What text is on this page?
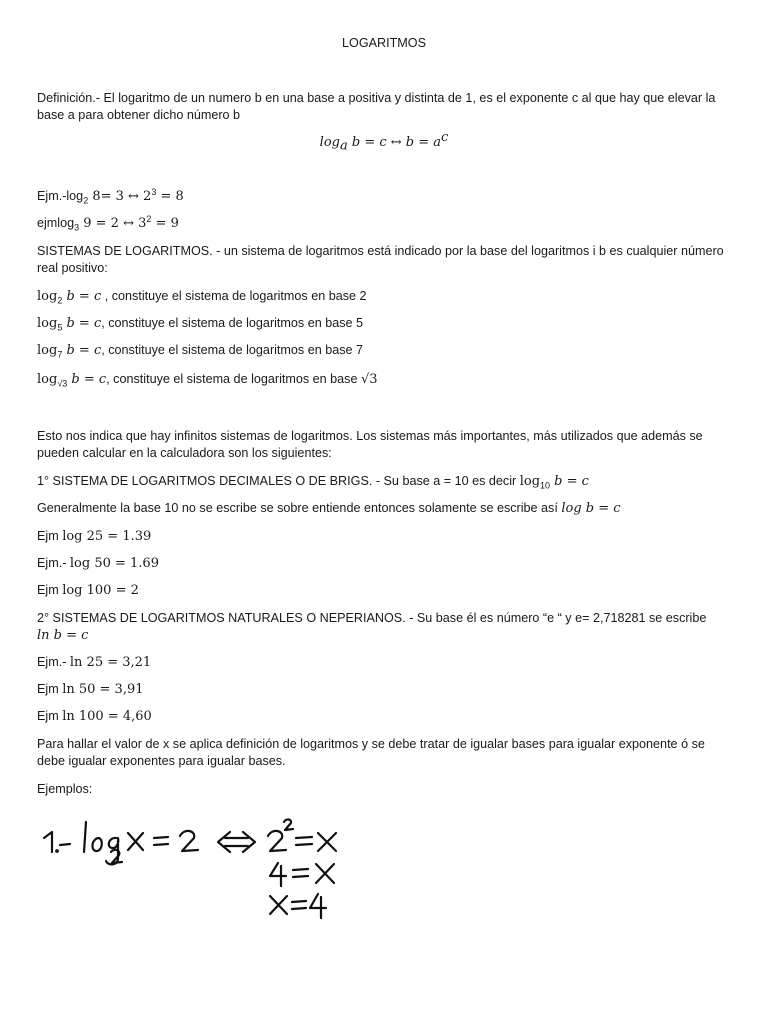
LOGARITMOS
Definición.- El logaritmo de un numero b en una base a positiva y distinta de 1, es el exponente c al que hay que elevar la base a para obtener dicho número b
$\log_a b = c$ ↔ $b = a^c$
$Ejm.-\log_2$ 8= 3 ↔ $2^3 = 8$
ejmlog$_3$ 9 = 2 ↔ $3^2 = 9$
SISTEMAS DE LOGARITMOS. - un sistema de logaritmos está indicado por la base del logaritmos i b es cualquier número real positivo:
$\log_2 b = c$ , constituye el sistema de logaritmos en base 2
$\log_5 b = c$, constituye el sistema de logaritmos en base 5
$\log_7 b = c$, constituye el sistema de logaritmos en base 7
$\log_{√3} b = c$, constituye el sistema de logaritmos en base √3
Esto nos indica que hay infinitos sistemas de logaritmos. Los sistemas más importantes, más utilizados que además se pueden calcular en la calculadora son los siguientes:
1° SISTEMA DE LOGARITMOS DECIMALES O DE BRIGS. - Su base a = 10 es decir $\log_{10} b = c$
Generalmente la base 10 no se escribe se sobre entiende entonces solamente se escribe así log b = c
Ejm log 25 = 1.39
Ejm.- log 50 = 1.69
Ejm log 100 = 2
2° SISTEMAS DE LOGARITMOS NATURALES O NEPERIANOS. - Su base él es número “e “ y e= 2,718281 se escribe
ln b = c
Ejm.- ln 25 = 3,21
Ejm ln 50 = 3,91
Ejm ln 100 = 4,60
Para hallar el valor de x se aplica definición de logaritmos y se debe tratar de igualar bases para igualar exponente ó se debe igualar exponentes para igualar bases.
Ejemplos:
